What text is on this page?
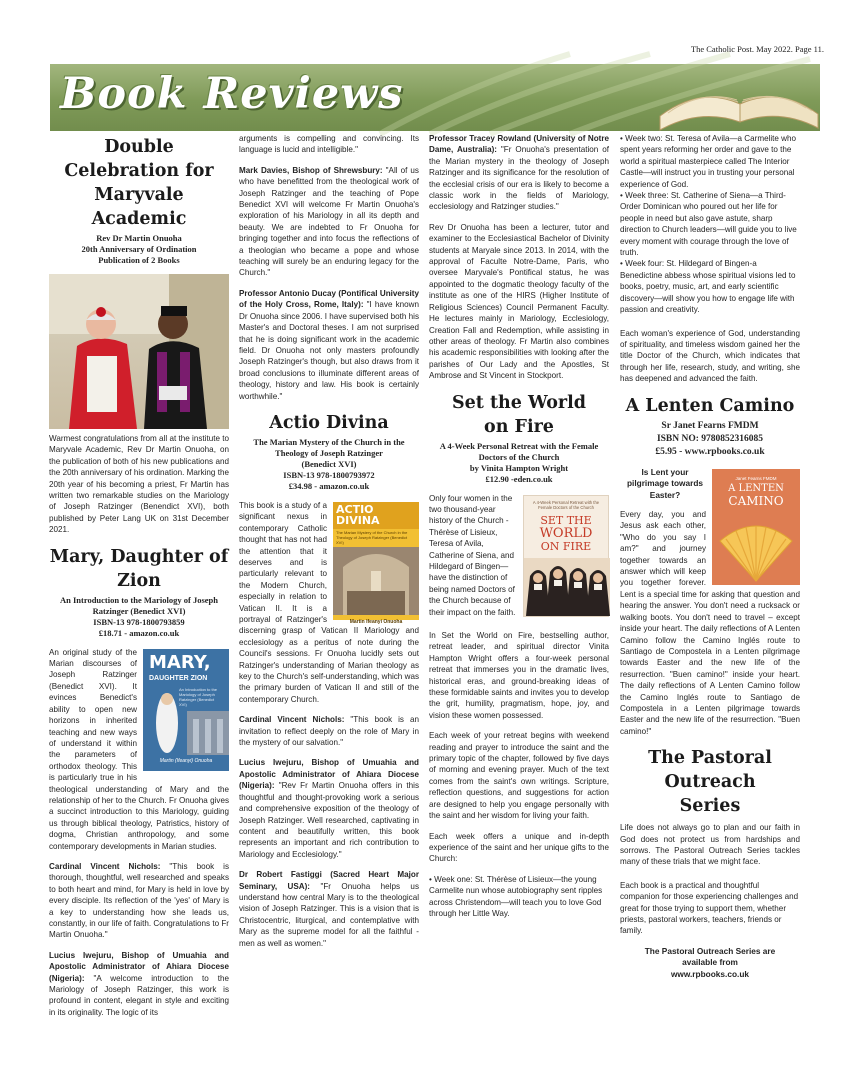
The Catholic Post. May 2022. Page 11.
Book Reviews
Double Celebration for Maryvale Academic
Rev Dr Martin Onuoha
20th Anniversary of Ordination
Publication of 2 Books

Warmest congratulations from all at the institute to Maryvale Academic, Rev Dr Martin Onuoha, on the publication of both of his new publications and the 20th anniversary of his ordination. Marking the 20th year of his becoming a priest, Fr Martin has written two remarkable studies on the Mariology of Joseph Ratzinger (Benendict XVI), both published by Peter Lang UK on 31st December 2021.

Mary, Daughter of Zion
An Introduction to the Mariology of Joseph Ratzinger (Benedict XVI)
ISBN-13 978-1800793859
£18.71 - amazon.co.uk
MARY,
DAUGHTER ZION
An Introduction to the Mariology of Joseph Ratzinger (Benedict XVI)
Martin (Ifeanyi) Onuoha

An original study of the Marian discourses of Joseph Ratzinger (Benedict XVI). It evinces Benedict's ability to open new horizons in inherited teaching and new ways of understand it within the parameters of orthodox theology. This is particularly true in his theological understanding of Mary and the relationship of her to the Church. Fr Onuoha gives a succinct introduction to this Mariology, guiding us through biblical theology, Patristics, history of dogma, Christian anthropology, and some contemporary developments in Marian studies.

Cardinal Vincent Nichols: "This book is thorough, thoughtful, well researched and speaks to both heart and mind, for Mary is held in love by every disciple. Its reflection of the 'yes' of Mary is a key to understanding how she leads us, constantly, in our life of faith. Congratulations to Fr Martin Onuoha."

Lucius Iwejuru, Bishop of Umuahia and Apostolic Administrator of Ahiara Diocese (Nigeria): "A welcome introduction to the Mariology of Joseph Ratzinger, this work is profound in content, elegant in style and exciting in its originality. The logic of its

arguments is compelling and convincing. Its language is lucid and intelligible."

Mark Davies, Bishop of Shrewsbury: "All of us who have benefitted from the theological work of Joseph Ratzinger and the teaching of Pope Benedict XVI will welcome Fr Martin Onuoha's exploration of his Mariology in all its depth and beauty. We are indebted to Fr Onuoha for bringing together and into focus the reflections of a theologian who became a pope and whose teaching will surely be an enduring legacy for the Church."

Professor Antonio Ducay (Pontifical University of the Holy Cross, Rome, Italy): "I have known Dr Onuoha since 2006. I have supervised both his Master's and Doctoral theses. I am not surprised that he is doing significant work in the academic field. Dr Onuoha not only masters profoundly Joseph Ratzinger's though, but also draws from it broad conclusions to illuminate different areas of theology, history and law. His book is certainly worthwhile."

Actio Divina
The Marian Mystery of the Church in the Theology of Joseph Ratzinger
(Benedict XVI)
ISBN-13 978-1800793972
£34.98 - amazon.co.uk
ACTIO DIVINA
The Marian Mystery of the Church in the Theology of Joseph Ratzinger (Benedict XVI)
Martin Ifeanyi Onuoha

This book is a study of a significant nexus in contemporary Catholic thought that has not had the attention that it deserves and is particularly relevant to the Modern Church, especially in relation to Vatican II. It is a portrayal of Ratzinger's discerning grasp of Vatican II Mariology and ecclesiology as a peritus of note during the Council's sessions. Fr Onuoha lucidly sets out Ratzinger's understanding of Marian theology as key to the Church's self-understanding, which was the primary burden of Vatican II and still of the contemporary Church.

Cardinal Vincent Nichols: "This book is an invitation to reflect deeply on the role of Mary in the mystery of our salvation."

Lucius Iwejuru, Bishop of Umuahia and Apostolic Administrator of Ahiara Diocese (Nigeria): "Rev Fr Martin Onuoha offers in this thoughtful and thought-provoking work a serious and comprehensive exposition of the theology of Joseph Ratzinger. Well researched, captivating in content and beautifully written, this book represents an important and rich contribution to Mariology and Ecclesiology."

Dr Robert Fastiggi (Sacred Heart Major Seminary, USA): "Fr Onuoha helps us understand how central Mary is to the theological vision of Joseph Ratzinger. This is a vision that is Christocentric, liturgical, and contemplative with Mary as the supreme model for all the faithful - men as well as women."

Professor Tracey Rowland (University of Notre Dame, Australia): "Fr Onuoha's presentation of the Marian mystery in the theology of Joseph Ratzinger and its significance for the resolution of the ecclesial crisis of our era is likely to become a classic work in the fields of Mariology, ecclesiology and Ratzinger studies."

Rev Dr Onuoha has been a lecturer, tutor and examiner to the Ecclesiastical Bachelor of Divinity students at Maryale since 2013. In 2014, with the approval of Faculte Notre-Dame, Paris, who oversee Maryvale's Pontifical status, he was appointed to the dogmatic theology faculty of the institute as one of the HIRS (Higher Institute of Religious Sciences) Council Permanent Faculty. He lectures mainly in Mariology, Ecclesiology, Creation Fall and Redemption, while assisting in other areas of theology. Fr Martin also combines his academic responsibilities with looking after the parishes of Our Lady and the Apostles, St Ambrose and St Vincent in Stockport.

Set the World on Fire
A 4-Week Personal Retreat with the Female Doctors of the Church
by Vinita Hampton Wright
£12.90 -eden.co.uk
A 4-Week Personal Retreat with the Female Doctors of the Church
SET THE
WORLD
ON FIRE

Only four women in the two thousand-year history of the Church - Thérèse of Lisieux, Teresa of Avila, Catherine of Siena, and Hildegard of Bingen—have the distinction of being named Doctors of the Church because of their impact on the faith.

In Set the World on Fire, bestselling author, retreat leader, and spiritual director Vinita Hampton Wright offers a four-week personal retreat that immerses you in the dramatic lives, historical eras, and ground-breaking ideas of these formidable saints and invites you to develop the grit, humility, pragmatism, hope, joy, and vision these women possessed.

Each week of your retreat begins with weekend reading and prayer to introduce the saint and the primary topic of the chapter, followed by five days of morning and evening prayer. Much of the text comes from the saint's own writings. Scripture, reflection questions, and suggestions for action are designed to help you engage personally with the saint and her wisdom for living your faith.

Each week offers a unique and in-depth experience of the saint and her unique gifts to the Church:

• Week one: St. Thérèse of Lisieux—the young Carmelite nun whose autobiography sent ripples across Christendom—will teach you to love God through her Little Way.

• Week two: St. Teresa of Avila—a Carmelite who spent years reforming her order and gave to the world a spiritual masterpiece called The Interior Castle—will instruct you in trusting your personal experience of God.

• Week three: St. Catherine of Siena—a Third-Order Dominican who poured out her life for people in need but also gave astute, sharp direction to Church leaders—will guide you to live every moment with courage through the love of truth.

• Week four: St. Hildegard of Bingen-a Benedictine abbess whose spiritual visions led to books, poetry, music, art, and early scientific discovery—will show you how to engage life with passion and creativity.

Each woman's experience of God, understanding of spirituality, and timeless wisdom gained her the title Doctor of the Church, which indicates that through her life, research, study, and writing, she has deepened and advanced the faith.

A Lenten Camino
Sr Janet Fearns FMDM
ISBN NO: 9780852316085
£5.95 - www.rpbooks.co.uk
A LENTEN
CAMINO
Janet Fearns FMDM
Is Lent your pilgrimage towards Easter?

Every day, you and Jesus ask each other, "Who do you say I am?" and journey together towards an answer which will keep you together forever. Lent is a special time for asking that question and hearing the answer. You don't need a rucksack or walking boots. You don't need to travel – except inside your heart. The daily reflections of A Lenten Camino follow the Camino Inglés route to Santiago de Compostela in a Lenten pilgrimage towards Easter and the new life of the resurrection. "Buen camino!" inside your heart. The daily reflections of A Lenten Camino follow the Camino Inglés route to Santiago de Compostela in a Lenten pilgrimage towards Easter and the new life of the resurrection. "Buen camino!"

The Pastoral Outreach Series

Life does not always go to plan and our faith in God does not protect us from hardships and sorrows. The Pastoral Outreach Series tackles many of these trials that we might face.

Each book is a practical and thoughtful companion for those experiencing challenges and great for those trying to support them, whether priests, pastoral workers, teachers, friends or family.

The Pastoral Outreach Series are
available from
www.rpbooks.co.uk
